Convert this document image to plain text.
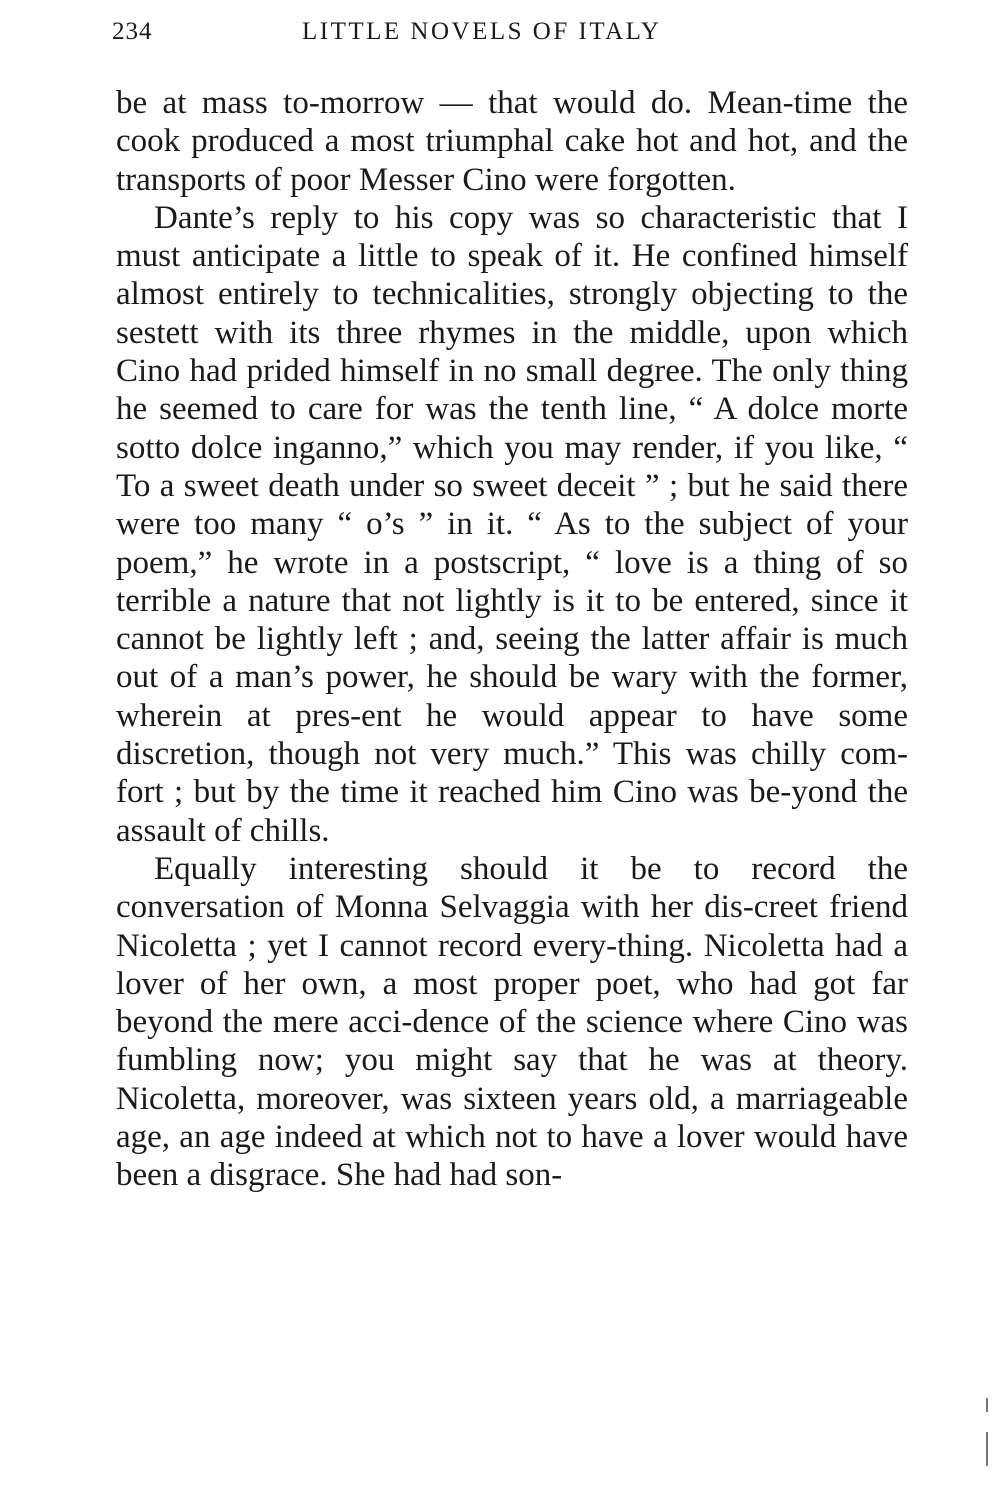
234	LITTLE NOVELS OF ITALY

be at mass to-morrow — that would do. Mean-time the cook produced a most triumphal cake hot and hot, and the transports of poor Messer Cino were forgotten.

Dante’s reply to his copy was so characteristic that I must anticipate a little to speak of it. He confined himself almost entirely to technicalities, strongly objecting to the sestett with its three rhymes in the middle, upon which Cino had prided himself in no small degree. The only thing he seemed to care for was the tenth line, “ A dolce morte sotto dolce inganno,” which you may render, if you like, “ To a sweet death under so sweet deceit ” ; but he said there were too many “ o’s ” in it. “ As to the subject of your poem,” he wrote in a postscript, “ love is a thing of so terrible a nature that not lightly is it to be entered, since it cannot be lightly left ; and, seeing the latter affair is much out of a man’s power, he should be wary with the former, wherein at pres-ent he would appear to have some discretion, though not very much.” This was chilly com-fort ; but by the time it reached him Cino was be-yond the assault of chills.

Equally interesting should it be to record the conversation of Monna Selvaggia with her dis-creet friend Nicoletta ; yet I cannot record every-thing. Nicoletta had a lover of her own, a most proper poet, who had got far beyond the mere acci-dence of the science where Cino was fumbling now; you might say that he was at theory. Nicoletta, moreover, was sixteen years old, a marriageable age, an age indeed at which not to have a lover would have been a disgrace. She had had son-
